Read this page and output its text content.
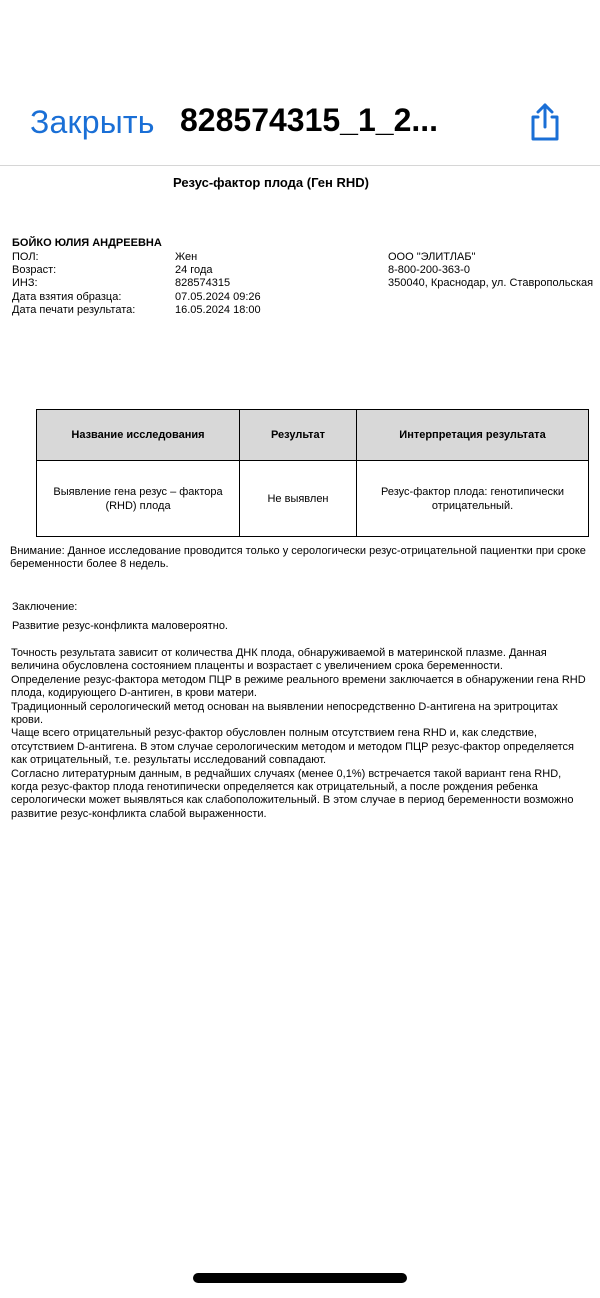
Закрыть 828574315_1_2...
Резус-фактор плода (Ген RHD)
БОЙКО ЮЛИЯ АНДРЕЕВНА
ПОЛ:
Возраст:
ИНЗ:
Дата взятия образца:
Дата печати результата:
Жен
24 года
828574315
07.05.2024 09:26
16.05.2024 18:00
ООО "ЭЛИТЛАБ"
8-800-200-363-0
350040, Краснодар, ул. Ставропольская
Название исследования	Результат	Интерпретация результата
Выявление гена резус – фактора (RHD) плода
Не выявлен
Резус-фактор плода: генотипически отрицательный.
Внимание: Данное исследование проводится только у серологически резус-отрицательной пациентки при сроке беременности более 8 недель.
Заключение:
Развитие резус-конфликта маловероятно.
Точность результата зависит от количества ДНК плода, обнаруживаемой в материнской плазме. Данная величина обусловлена состоянием плаценты и возрастает с увеличением срока беременности.
Определение резус-фактора методом ПЦР в режиме реального времени заключается в обнаружении гена RHD плода, кодирующего D-антиген, в крови матери.
Традиционный серологический метод основан на выявлении непосредственно D-антигена на эритроцитах крови.
Чаще всего отрицательный резус-фактор обусловлен полным отсутствием гена RHD и, как следствие, отсутствием D-антигена. В этом случае серологическим методом и методом ПЦР резус-фактор определяется как отрицательный, т.е. результаты исследований совпадают.
Согласно литературным данным, в редчайших случаях (менее 0,1%) встречается такой вариант гена RHD, когда резус-фактор плода генотипически определяется как отрицательный, а после рождения ребенка серологически может выявляться как слабоположительный. В этом случае в период беременности возможно развитие резус-конфликта слабой выраженности.
